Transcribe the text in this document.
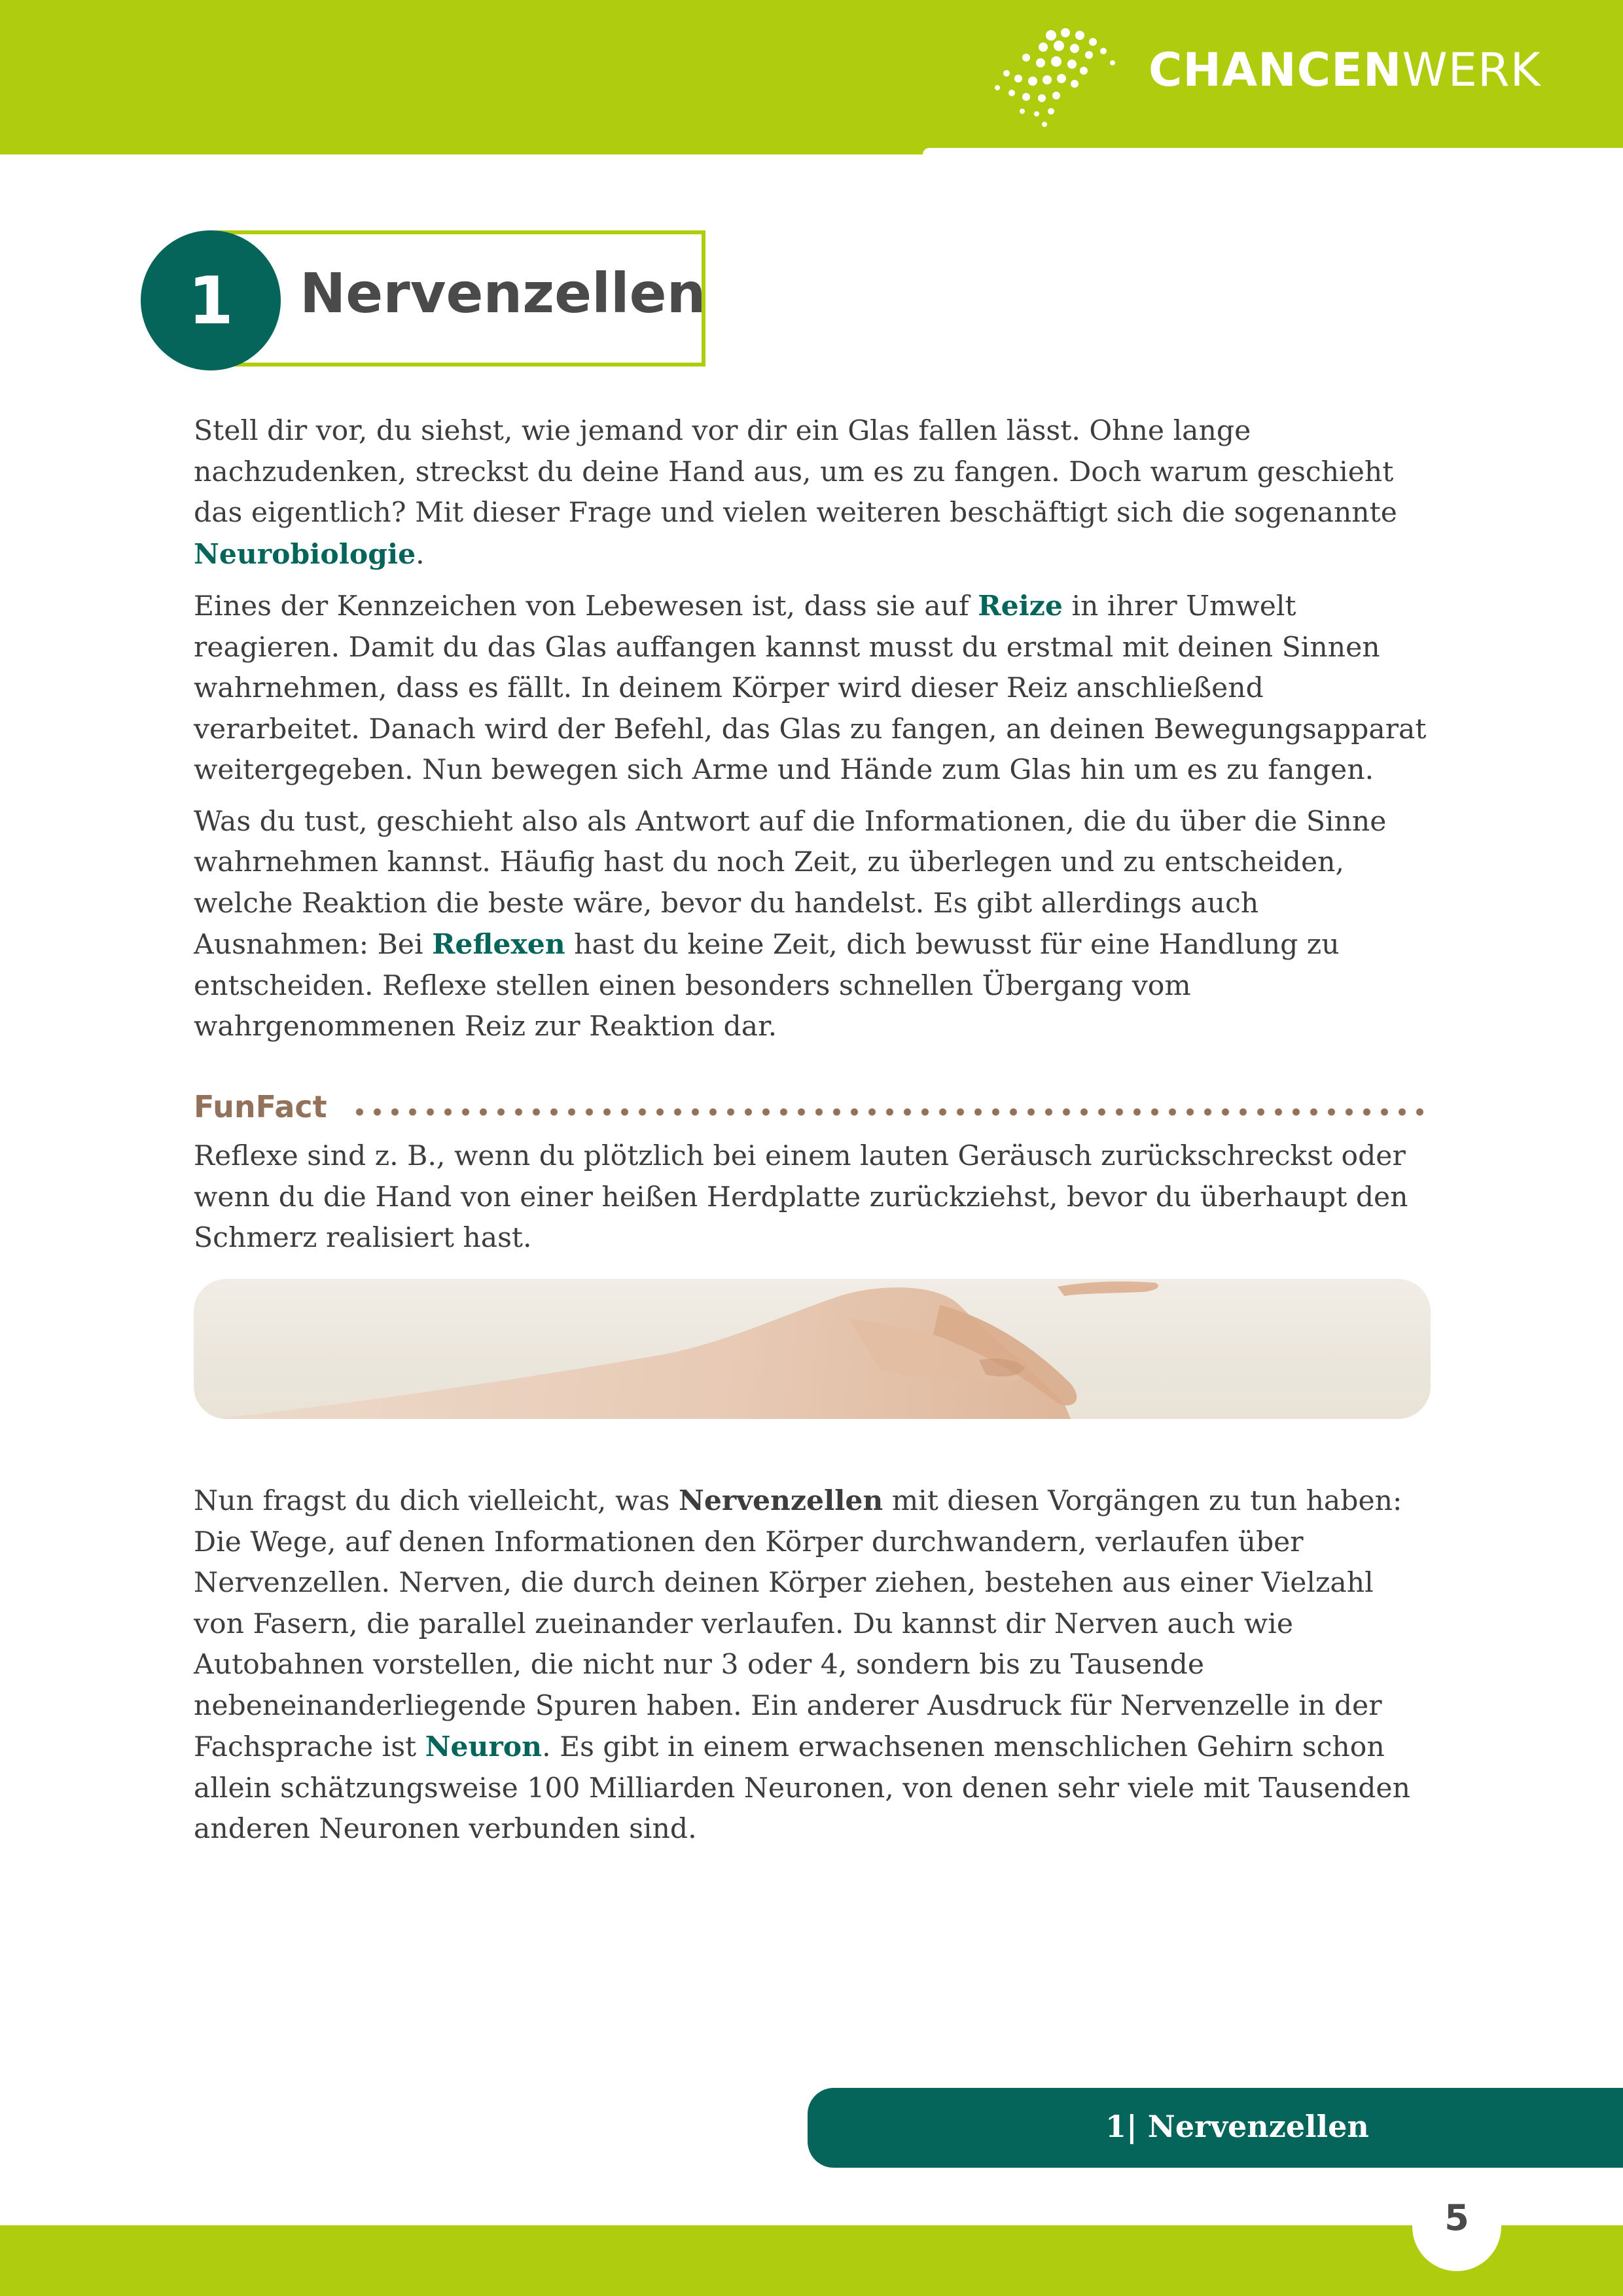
CHANCENWERK
1	Nervenzellen

Stell dir vor, du siehst, wie jemand vor dir ein Glas fallen lässt. Ohne lange nachzudenken, streckst du deine Hand aus, um es zu fangen. Doch warum geschieht das eigentlich? Mit dieser Frage und vielen weiteren beschäftigt sich die sogenannte Neurobiologie.

Eines der Kennzeichen von Lebewesen ist, dass sie auf Reize in ihrer Umwelt reagieren. Damit du das Glas auffangen kannst musst du erstmal mit deinen Sinnen wahrnehmen, dass es fällt. In deinem Körper wird dieser Reiz anschließend verarbeitet. Danach wird der Befehl, das Glas zu fangen, an deinen Bewegungsapparat weitergegeben. Nun bewegen sich Arme und Hände zum Glas hin um es zu fangen.

Was du tust, geschieht also als Antwort auf die Informationen, die du über die Sinne wahrnehmen kannst. Häufig hast du noch Zeit, zu überlegen und zu entscheiden, welche Reaktion die beste wäre, bevor du handelst. Es gibt allerdings auch Ausnahmen: Bei Reflexen hast du keine Zeit, dich bewusst für eine Handlung zu entscheiden. Reflexe stellen einen besonders schnellen Übergang vom wahrgenommenen Reiz zur Reaktion dar.

FunFact

Reflexe sind z. B., wenn du plötzlich bei einem lauten Geräusch zurückschreckst oder wenn du die Hand von einer heißen Herdplatte zurückziehst, bevor du überhaupt den Schmerz realisiert hast.

Nun fragst du dich vielleicht, was Nervenzellen mit diesen Vorgängen zu tun haben: Die Wege, auf denen Informationen den Körper durchwandern, verlaufen über Nervenzellen. Nerven, die durch deinen Körper ziehen, bestehen aus einer Vielzahl von Fasern, die parallel zueinander verlaufen. Du kannst dir Nerven auch wie Autobahnen vorstellen, die nicht nur 3 oder 4, sondern bis zu Tausende nebeneinanderliegende Spuren haben. Ein anderer Ausdruck für Nervenzelle in der Fachsprache ist Neuron. Es gibt in einem erwachsenen menschlichen Gehirn schon allein schätzungsweise 100 Milliarden Neuronen, von denen sehr viele mit Tausenden anderen Neuronen verbunden sind.

1| Nervenzellen
5
